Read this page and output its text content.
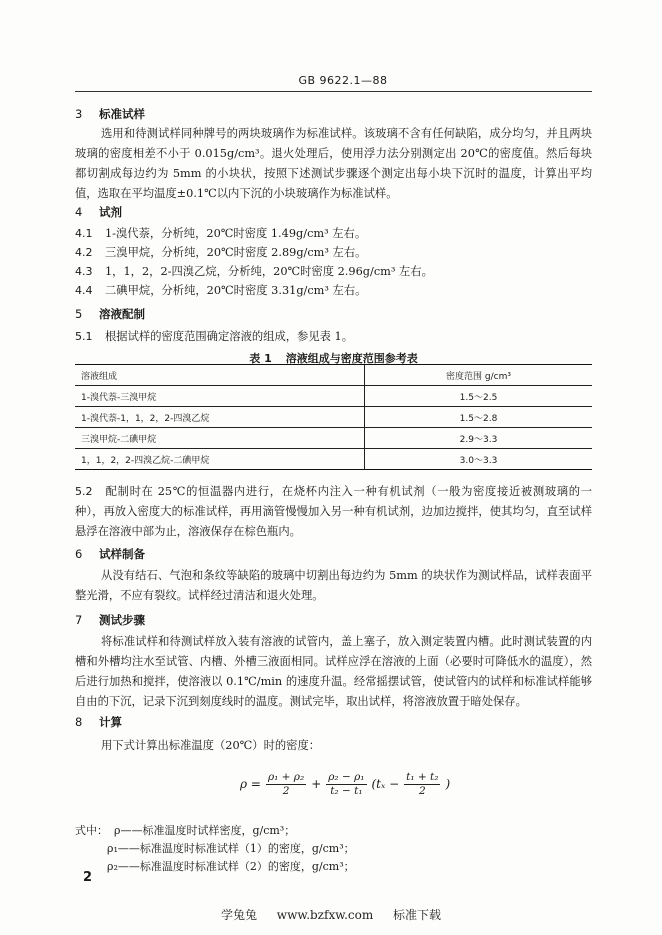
GB 9622.1—88
3 标准试样
选用和待测试样同种牌号的两块玻璃作为标准试样。该玻璃不含有任何缺陷，成分均匀，并且两块玻璃的密度相差不小于 0.015g/cm³。退火处理后，使用浮力法分别测定出 20℃的密度值。然后每块都切割成每边约为 5mm 的小块状，按照下述测试步骤逐个测定出每小块下沉时的温度，计算出平均值，选取在平均温度±0.1℃以内下沉的小块玻璃作为标准试样。
4 试剂
4.1 1-溴代萘，分析纯，20℃时密度 1.49g/cm³ 左右。
4.2 三溴甲烷，分析纯，20℃时密度 2.89g/cm³ 左右。
4.3 1，1，2，2-四溴乙烷，分析纯，20℃时密度 2.96g/cm³ 左右。
4.4 二碘甲烷，分析纯，20℃时密度 3.31g/cm³ 左右。
5 溶液配制
5.1 根据试样的密度范围确定溶液的组成，参见表 1。
表 1 溶液组成与密度范围参考表
溶液组成	密度范围 g/cm³
1-溴代萘-三溴甲烷	1.5～2.5
1-溴代萘-1，1，2，2-四溴乙烷	1.5～2.8
三溴甲烷-二碘甲烷	2.9～3.3
1，1，2，2-四溴乙烷-二碘甲烷	3.0～3.3
5.2 配制时在 25℃的恒温器内进行，在烧杯内注入一种有机试剂（一般为密度接近被测玻璃的一种），再放入密度大的标准试样，再用滴管慢慢加入另一种有机试剂，边加边搅拌，使其均匀，直至试样悬浮在溶液中部为止，溶液保存在棕色瓶内。
6 试样制备
从没有结石、气泡和条纹等缺陷的玻璃中切割出每边约为 5mm 的块状作为测试样品，试样表面平整光滑，不应有裂纹。试样经过清洁和退火处理。
7 测试步骤
将标准试样和待测试样放入装有溶液的试管内，盖上塞子，放入测定装置内槽。此时测试装置的内槽和外槽均注水至试管、内槽、外槽三液面相同。试样应浮在溶液的上面（必要时可降低水的温度），然后进行加热和搅拌，使溶液以 0.1℃/min 的速度升温。经常摇摆试管，使试管内的试样和标准试样能够自由的下沉，记录下沉到刻度线时的温度。测试完毕，取出试样，将溶液放置于暗处保存。
8 计算
用下式计算出标准温度（20℃）时的密度：
$\rho = \frac{\text{ρ₁ + ρ₂}}{2} + \frac{\text{ρ₂ − ρ₁}}{\text{t₂ − t₁}} (t_x - \frac{\text{t₁ + t₂}}{2}$ )
式中： ρ——标准温度时试样密度，g/cm³；
ρ₁——标准温度时标准试样（1）的密度，g/cm³；
ρ₂——标准温度时标准试样（2）的密度，g/cm³；
2
学兔兔 www.bzfxw.com 标准下载
